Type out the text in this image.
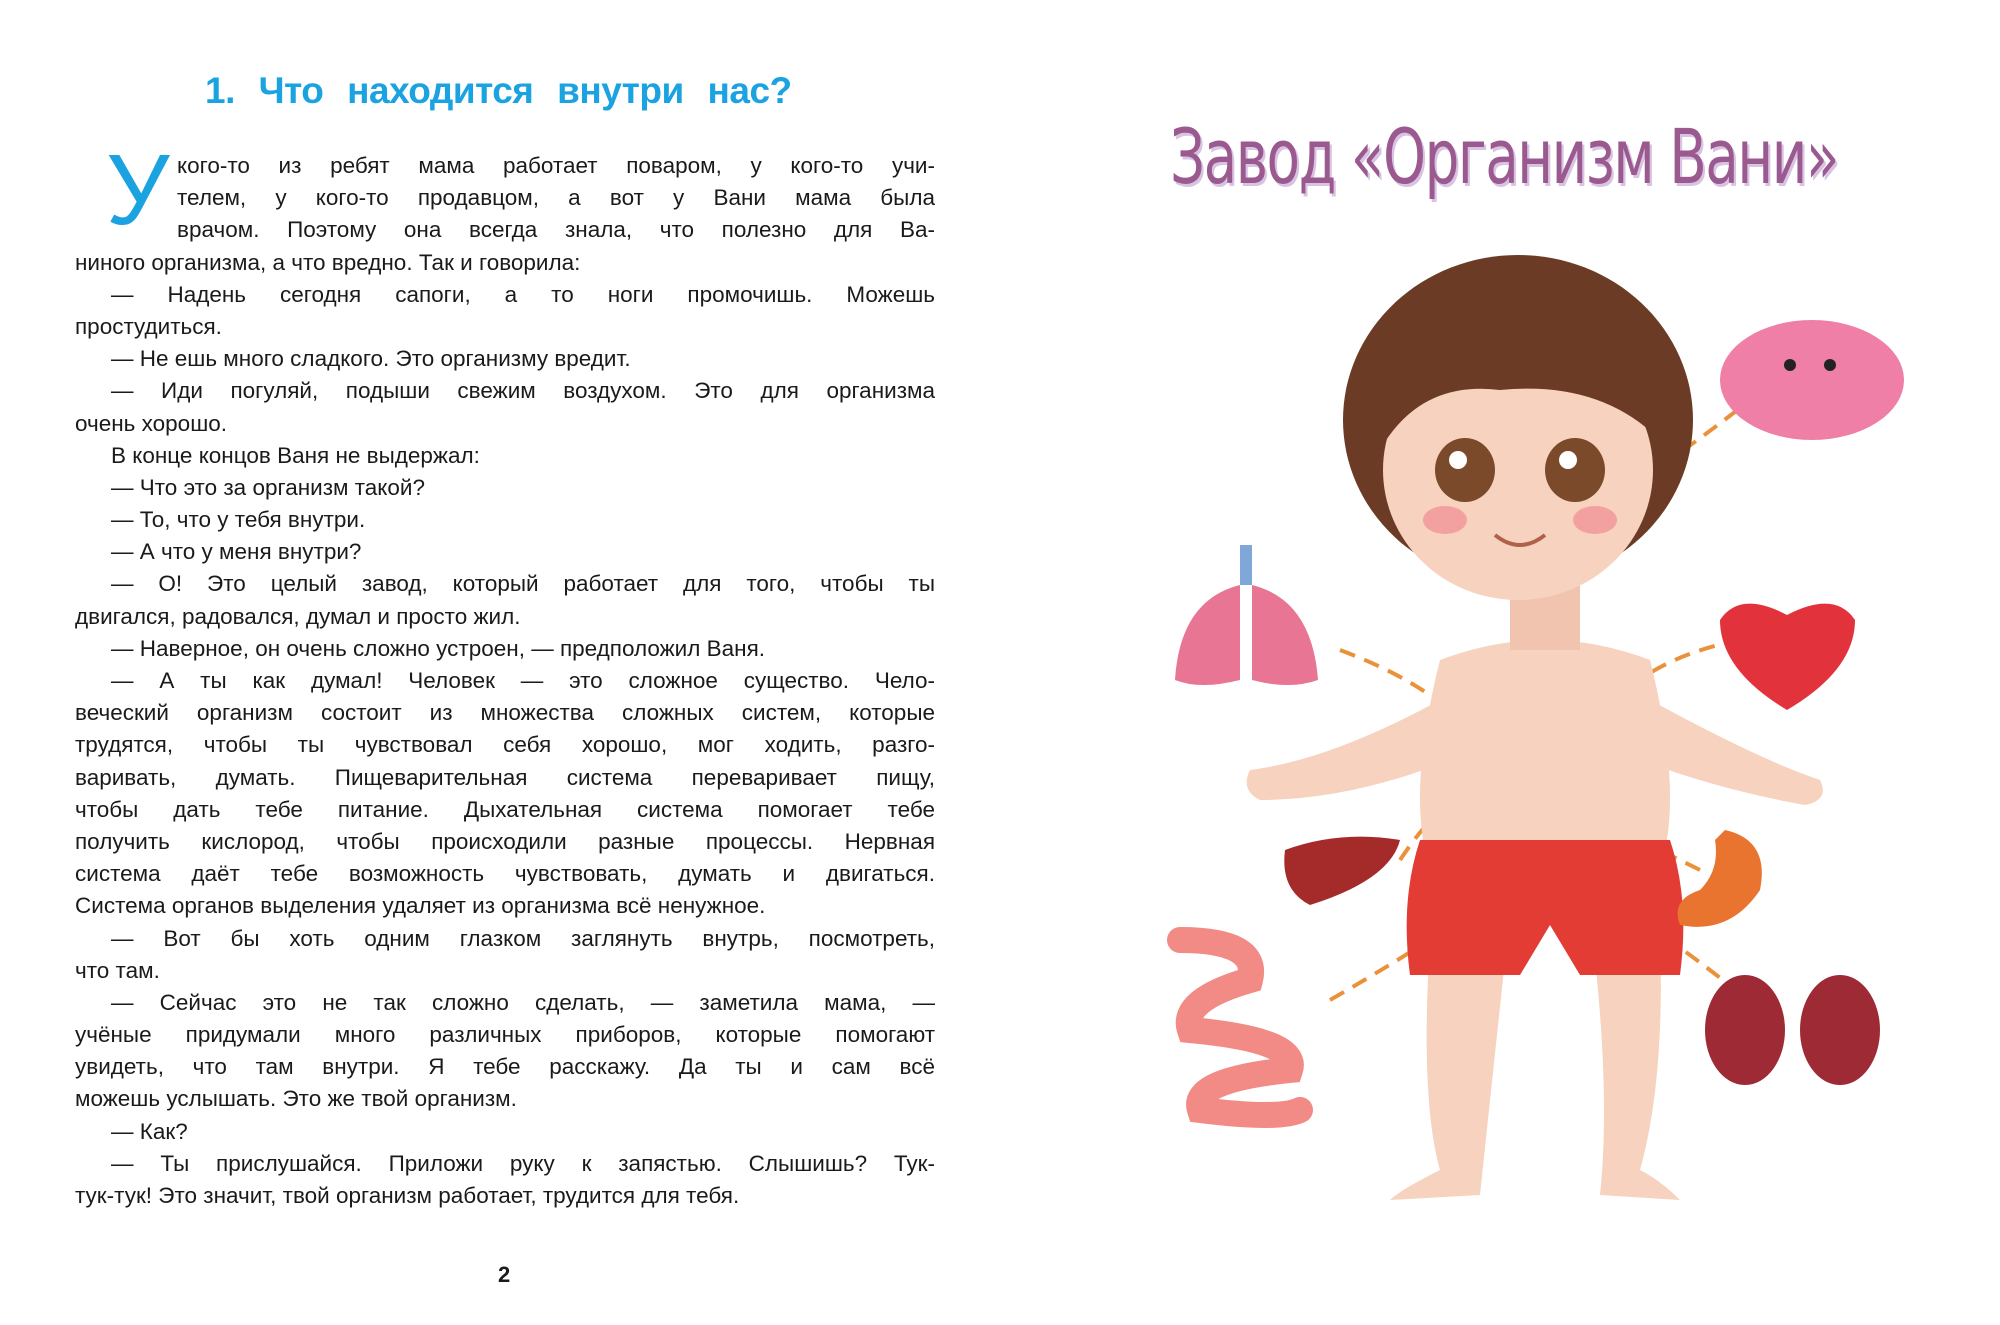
1. Что находится внутри нас?
У кого-то из ребят мама работает поваром, у кого-то учи-
телем, у кого-то продавцом, а вот у Вани мама была
врачом. Поэтому она всегда знала, что полезно для Ва-
ниного организма, а что вредно. Так и говорила:
— Надень сегодня сапоги, а то ноги промочишь. Можешь
простудиться.
— Не ешь много сладкого. Это организму вредит.
— Иди погуляй, подыши свежим воздухом. Это для организма
очень хорошо.
В конце концов Ваня не выдержал:
— Что это за организм такой?
— То, что у тебя внутри.
— А что у меня внутри?
— О! Это целый завод, который работает для того, чтобы ты
двигался, радовался, думал и просто жил.
— Наверное, он очень сложно устроен, — предположил Ваня.
— А ты как думал! Человек — это сложное существо. Чело-
веческий организм состоит из множества сложных систем, которые
трудятся, чтобы ты чувствовал себя хорошо, мог ходить, разго-
варивать, думать. Пищеварительная система переваривает пищу,
чтобы дать тебе питание. Дыхательная система помогает тебе
получить кислород, чтобы происходили разные процессы. Нервная
система даёт тебе возможность чувствовать, думать и двигаться.
Система органов выделения удаляет из организма всё ненужное.
— Вот бы хоть одним глазком заглянуть внутрь, посмотреть,
что там.
— Сейчас это не так сложно сделать, — заметила мама, —
учёные придумали много различных приборов, которые помогают
увидеть, что там внутри. Я тебе расскажу. Да ты и сам всё
можешь услышать. Это же твой организм.
— Как?
— Ты прислушайся. Приложи руку к запястью. Слышишь? Тук-
тук-тук! Это значит, твой организм работает, трудится для тебя.
2
Завод «Организм Вани»
